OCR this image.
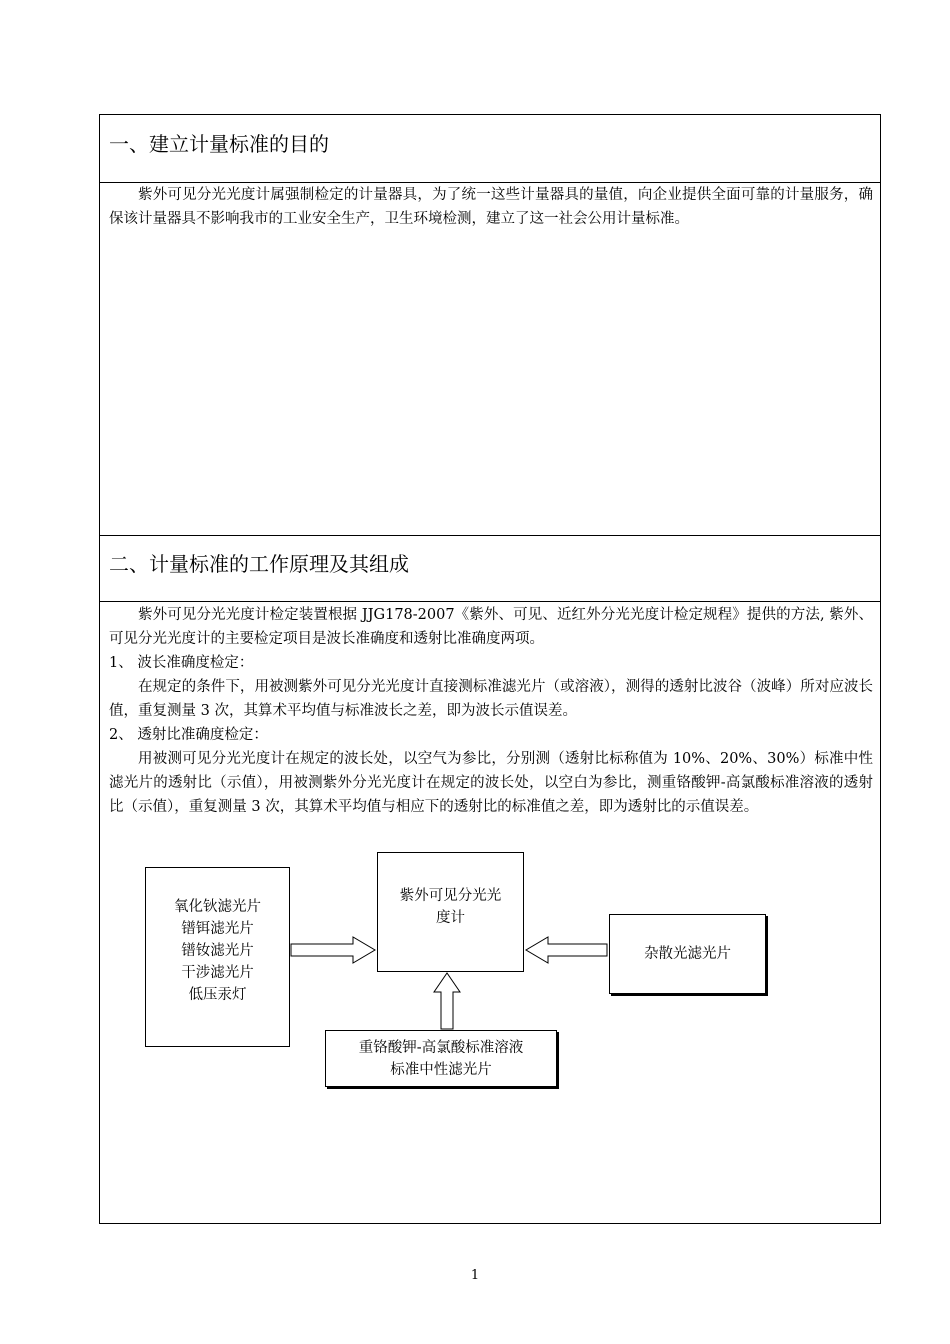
一、建立计量标准的目的

紫外可见分光光度计属强制检定的计量器具，为了统一这些计量器具的量值，向企业提供全面可靠的计量服务，确保该计量器具不影响我市的工业安全生产，卫生环境检测，建立了这一社会公用计量标准。

二、计量标准的工作原理及其组成

紫外可见分光光度计检定装置根据 JJG178-2007《紫外、可见、近红外分光光度计检定规程》提供的方法, 紫外、可见分光光度计的主要检定项目是波长准确度和透射比准确度两项。

1、 波长准确度检定：

在规定的条件下，用被测紫外可见分光光度计直接测标准滤光片（或溶液），测得的透射比波谷（波峰）所对应波长值，重复测量 3 次，其算术平均值与标准波长之差，即为波长示值误差。

2、 透射比准确度检定：

用被测可见分光光度计在规定的波长处，以空气为参比，分别测（透射比标称值为 10%、20%、30%）标准中性滤光片的透射比（示值），用被测紫外分光光度计在规定的波长处，以空白为参比，测重铬酸钾-高氯酸标准溶液的透射比（示值），重复测量 3 次，其算术平均值与相应下的透射比的标准值之差，即为透射比的示值误差。

氧化钬滤光片
镨铒滤光片
镨钕滤光片
干涉滤光片
低压汞灯
紫外可见分光光
度计
杂散光滤光片
重铬酸钾-高氯酸标准溶液
标准中性滤光片
1
